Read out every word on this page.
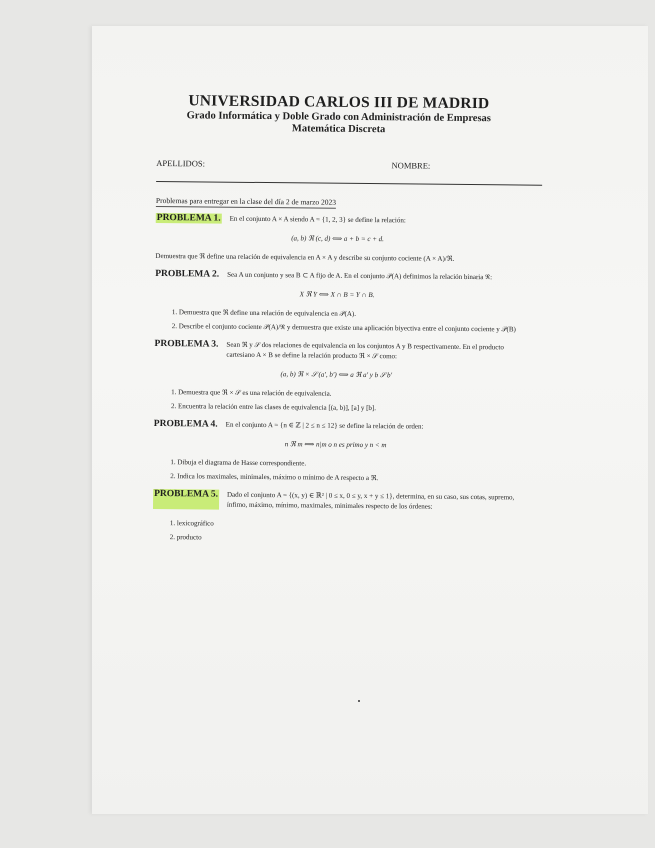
UNIVERSIDAD CARLOS III DE MADRID
Grado Informática y Doble Grado con Administración de Empresas
Matemática Discreta
APELLIDOS:	NOMBRE:
Problemas para entregar en la clase del día 2 de marzo 2023
PROBLEMA 1. En el conjunto A × A siendo A = {1, 2, 3} se define la relación:
(a, b) ℜ (c, d) ⟺ a + b = c + d.
Demuestra que ℜ define una relación de equivalencia en A × A y describe su conjunto cociente (A × A)/ℜ.
PROBLEMA 2. Sea A un conjunto y sea B ⊂ A fijo de A. En el conjunto 𝒫(A) definimos la relación binaria ℜ:
X ℜ Y ⟺ X ∩ B = Y ∩ B.
1. Demuestra que ℜ define una relación de equivalencia en 𝒫(A).
2. Describe el conjunto cociente 𝒫(A)/ℜ y demuestra que existe una aplicación biyectiva entre el conjunto cociente y 𝒫(B)
PROBLEMA 3. Sean ℜ y 𝒮 dos relaciones de equivalencia en los conjuntos A y B respectivamente. En el producto cartesiano A × B se define la relación producto ℜ × 𝒮 como:
(a, b) ℜ × 𝒮 (a′, b′) ⟺ a ℜ a′ y b 𝒮 b′
1. Demuestra que ℜ × 𝒮 es una relación de equivalencia.
2. Encuentra la relación entre las clases de equivalencia [(a, b)], [a] y [b].
PROBLEMA 4. En el conjunto A = {n ∈ ℤ | 2 ≤ n ≤ 12} se define la relación de orden:
n ℜ m ⟺ n|m o n es primo y n < m
1. Dibuja el diagrama de Hasse correspondiente.
2. Indica los maximales, minimales, máximo o mínimo de A respecto a ℜ.
PROBLEMA 5. Dado el conjunto A = {(x, y) ∈ ℝ² | 0 ≤ x, 0 ≤ y, x + y ≤ 1}, determina, en su caso, sus cotas, supremo, ínfimo, máximo, mínimo, maximales, minimales respecto de los órdenes:
1. lexicográfico
2. producto
